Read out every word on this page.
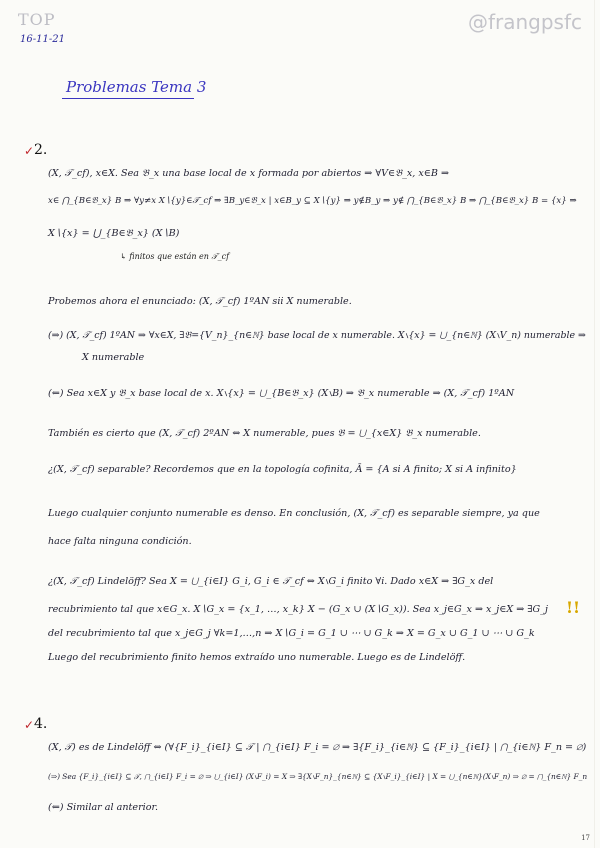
TOP	@frangpsfc
16-11-21
Problemas Tema 3
✓ 2.
(X, 𝒯_cf), x∈X. Sea 𝔅_x una base local de x formada por abiertos ⇒ ∀V∈𝔅_x, x∈B ⇒
x∈ ⋂_{B∈𝔅_x} B ⇒ ∀y≠x X∖{y}∈𝒯_cf ⇒ ∃B_y∈𝔅_x | x∈B_y ⊆ X∖{y} ⇒ y∉B_y ⇒ y∉ ⋂_{B∈𝔅_x} B ⇒ ⋂_{B∈𝔅_x} B = {x} ⇒
X∖{x} = ⋃_{B∈𝔅_x} (X∖B)
↳ finitos que están en 𝒯_cf
Probemos ahora el enunciado: (X, 𝒯_cf) 1ºAN sii X numerable.
(⇒) (X, 𝒯_cf) 1ºAN ⇒ ∀x∈X, ∃𝔅={V_n}_{n∈ℕ} base local de x numerable. X∖{x} = ⋃_{n∈ℕ} (X∖V_n) numerable ⇒
X numerable
(⇐) Sea x∈X y 𝔅_x base local de x. X∖{x} = ⋃_{B∈𝔅_x} (X∖B) ⇒ 𝔅_x numerable ⇒ (X, 𝒯_cf) 1ºAN
También es cierto que (X, 𝒯_cf) 2ºAN ⇔ X numerable, pues 𝔅 = ⋃_{x∈X} 𝔅_x numerable.
¿(X, 𝒯_cf) separable? Recordemos que en la topología cofinita, Ā = {A si A finito; X si A infinito}
Luego cualquier conjunto numerable es denso. En conclusión, (X, 𝒯_cf) es separable siempre, ya que
hace falta ninguna condición.
¿(X, 𝒯_cf) Lindelöff? Sea X = ⋃_{i∈I} G_i, G_i ∈ 𝒯_cf ⇔ X∖G_i finito ∀i. Dado x∈X ⇒ ∃G_x del
recubrimiento tal que x∈G_x. X∖G_x = {x_1, …, x_k} X − (G_x ∪ (X∖G_x)). Sea x_j∈G_x ⇒ x_j∈X ⇒ ∃G_j !!
del recubrimiento tal que x_j∈G_j ∀k=1,…,n ⇒ X∖G_i = G_1 ∪ ⋯ ∪ G_k ⇒ X = G_x ∪ G_1 ∪ ⋯ ∪ G_k
Luego del recubrimiento finito hemos extraído uno numerable. Luego es de Lindelöff.
✓ 4.
(X, 𝒯) es de Lindelöff ⇔ (∀{F_i}_{i∈I} ⊆ 𝒯 | ⋂_{i∈I} F_i = ∅ ⇒ ∃{F_i}_{i∈ℕ} ⊆ {F_i}_{i∈I} | ⋂_{i∈ℕ} F_n = ∅)
(⇒) Sea {F_i}_{i∈I} ⊆ 𝒯, ⋂_{i∈I} F_i = ∅ ⇒ ⋃_{i∈I} (X∖F_i) = X ⇒ ∃{X∖F_n}_{n∈ℕ} ⊆ {X∖F_i}_{i∈I} | X = ⋃_{n∈ℕ}(X∖F_n) ⇒ ∅ = ⋂_{n∈ℕ} F_n
(⇐) Similar al anterior.
17
